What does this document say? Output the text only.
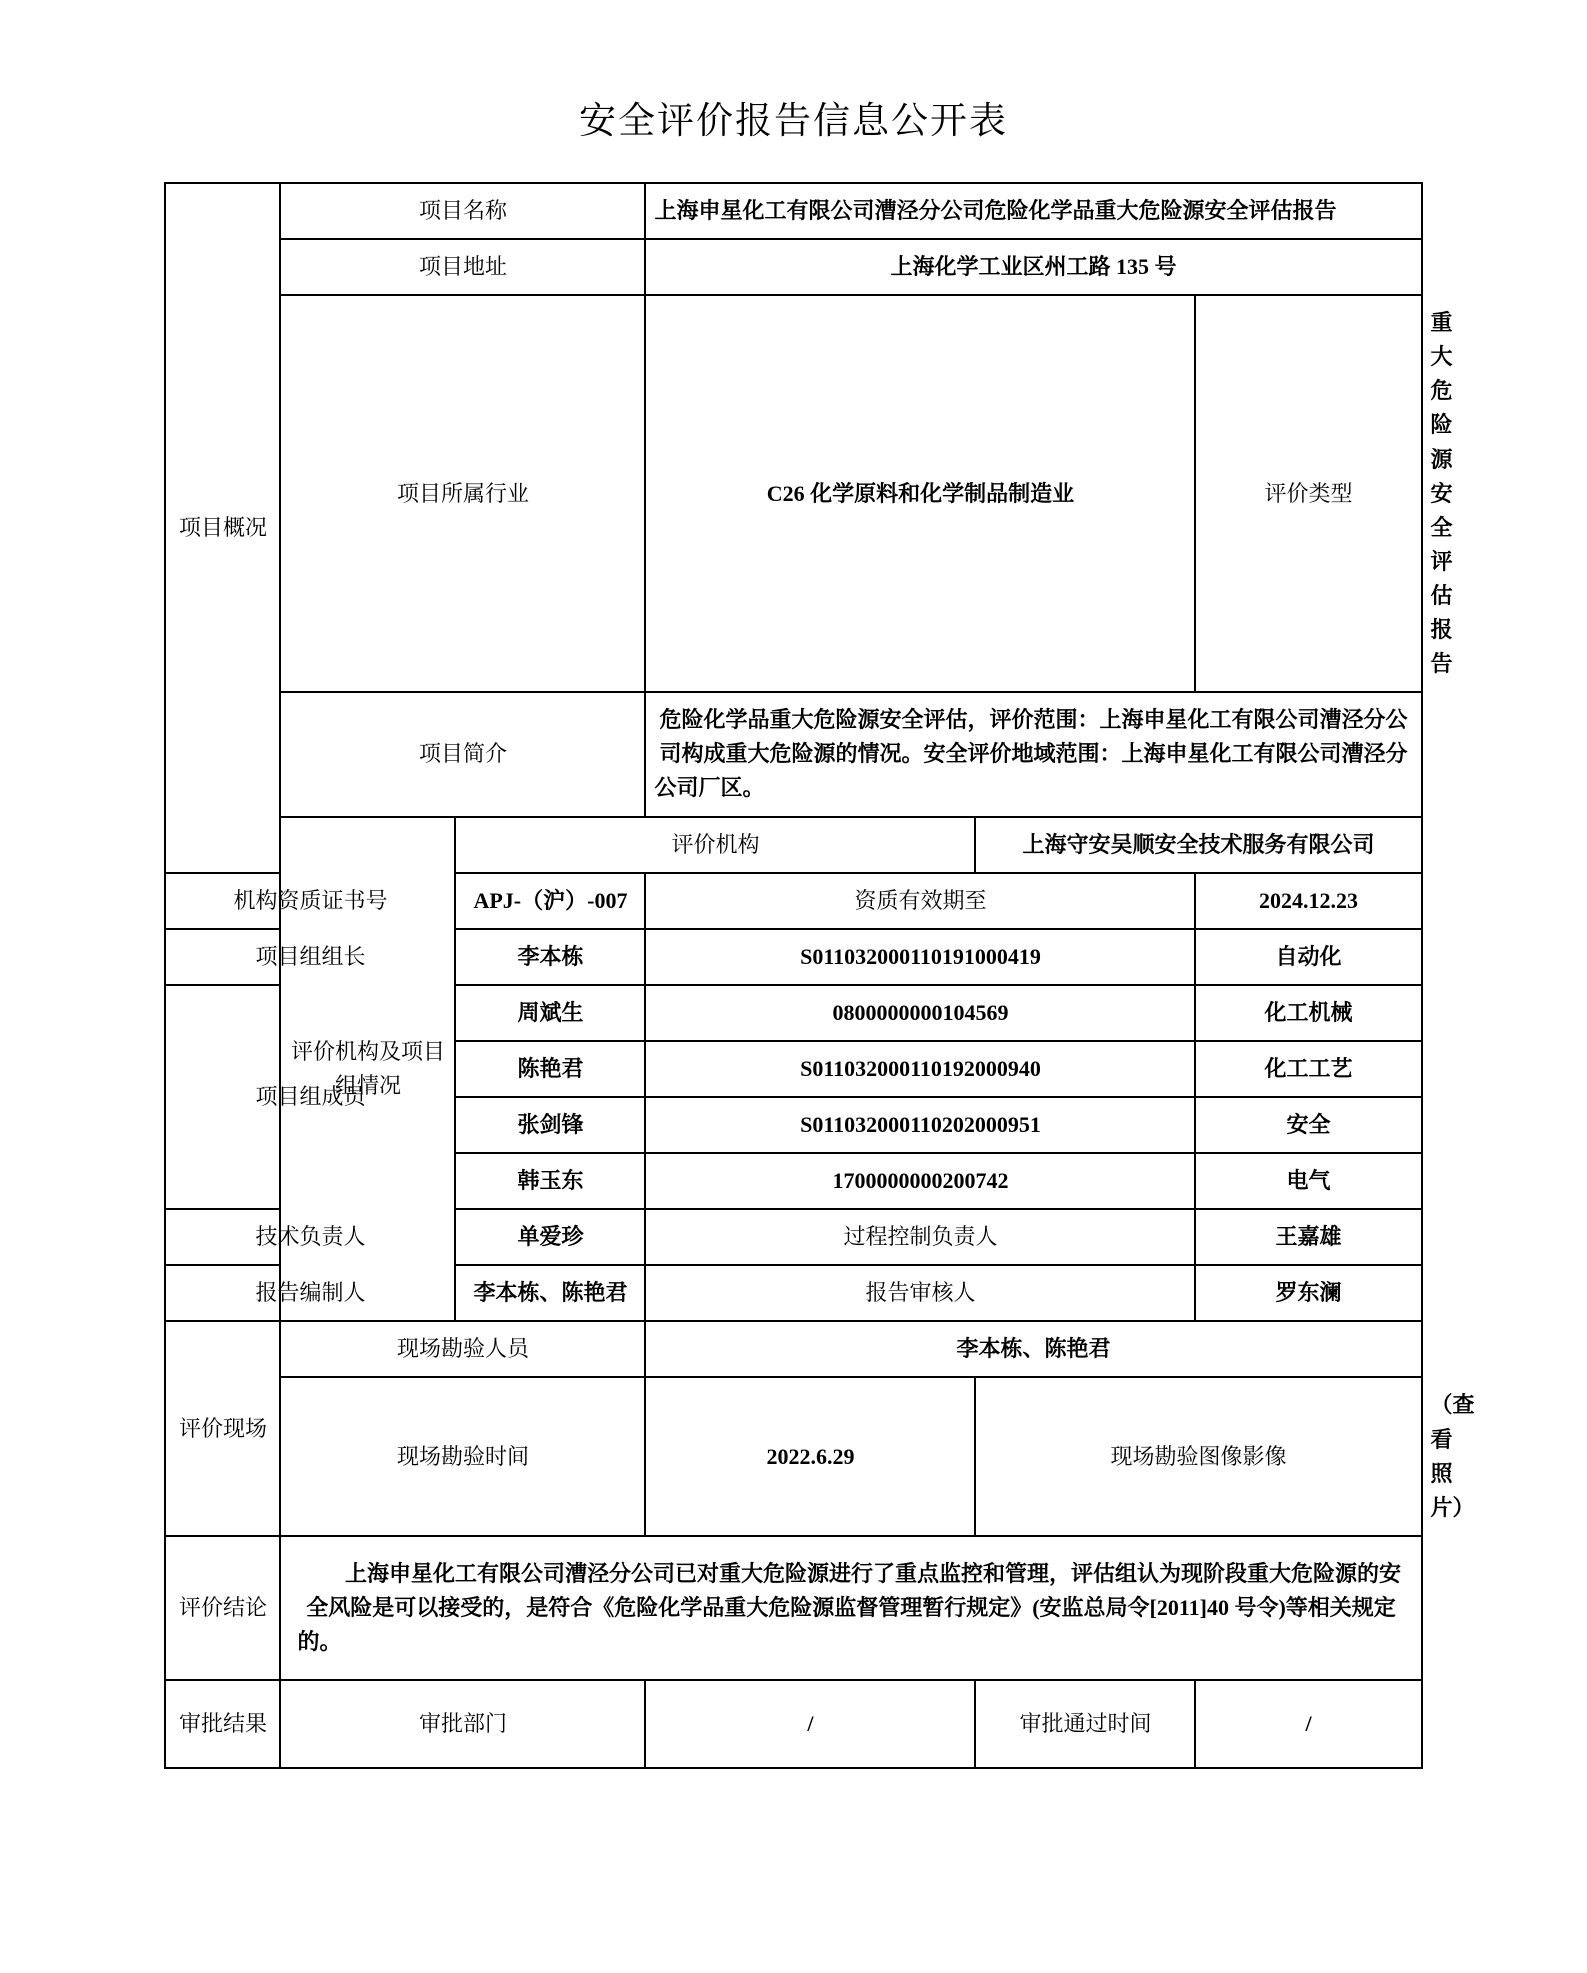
安全评价报告信息公开表
项目概况	项目名称		上海申星化工有限公司漕泾分公司危险化学品重大危险源安全评估报告			
	项目地址		上海化学工业区州工路 135 号			
	项目所属行业		C26 化学原料和化学制品制造业		评价类型	重大危险源安全评估报告
	项目简介		危险化学品重大危险源安全评估，评价范围：上海申星化工有限公司漕泾分公司构成重大危险源的情况。安全评价地域范围：上海申星化工有限公司漕泾分公司厂区。			
	评价机构及项目组情况	评价机构		上海守安吴顺安全技术服务有限公司		
机构资质证书号		APJ-（沪）-007	资质有效期至		2024.12.23	
项目组组长		李本栋	S011032000110191000419		自动化	
项目组成员		周斌生	0800000000104569		化工机械	
		陈艳君	S011032000110192000940		化工工艺	
		张剑锋	S011032000110202000951		安全	
		韩玉东	1700000000200742		电气	
技术负责人		单爱珍	过程控制负责人		王嘉雄	
报告编制人		李本栋、陈艳君	报告审核人		罗东澜	
评价现场	现场勘验人员		李本栋、陈艳君			
	现场勘验时间		2022.6.29	现场勘验图像影像		（查看照片）
评价结论	上海申星化工有限公司漕泾分公司已对重大危险源进行了重点监控和管理，评估组认为现阶段重大危险源的安全风险是可以接受的，是符合《危险化学品重大危险源监督管理暂行规定》(安监总局令[2011]40 号令)等相关规定的。					

审批结果	审批部门		/	审批通过时间	/	
